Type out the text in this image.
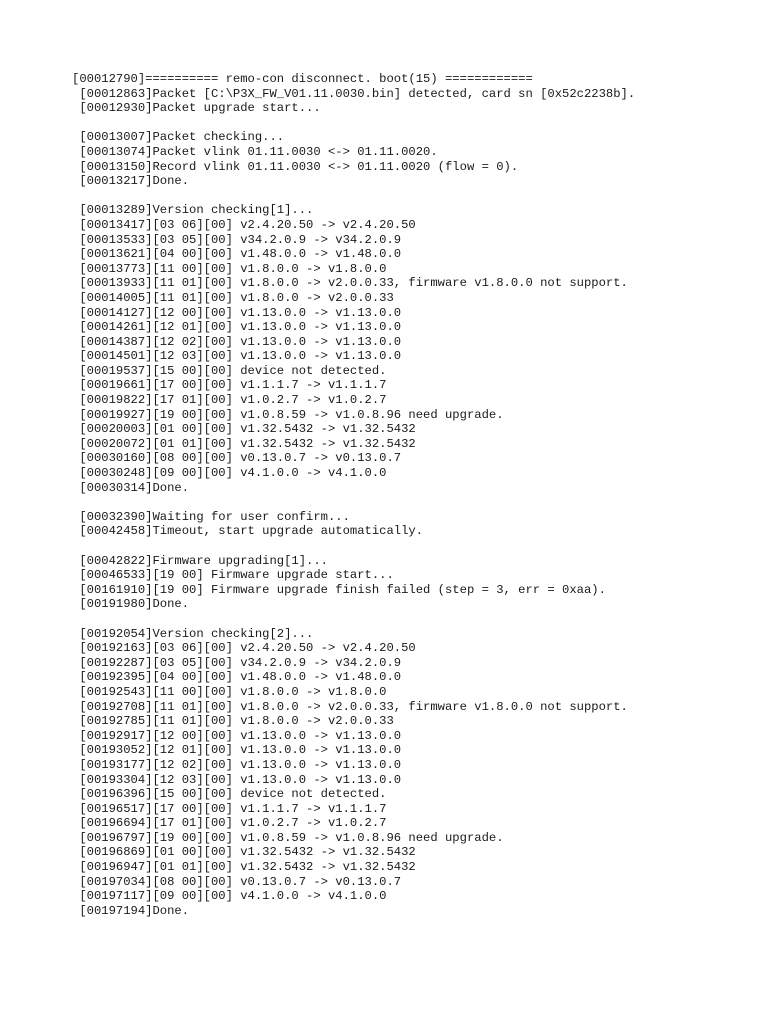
[00012790]========== remo-con disconnect. boot(15) ============
[00012863]Packet [C:\P3X_FW_V01.11.0030.bin] detected, card sn [0x52c2238b].
[00012930]Packet upgrade start...
[00013007]Packet checking...
[00013074]Packet vlink 01.11.0030 <-> 01.11.0020.
[00013150]Record vlink 01.11.0030 <-> 01.11.0020 (flow = 0).
[00013217]Done.
[00013289]Version checking[1]...
[00013417][03 06][00] v2.4.20.50 -> v2.4.20.50
[00013533][03 05][00] v34.2.0.9 -> v34.2.0.9
[00013621][04 00][00] v1.48.0.0 -> v1.48.0.0
[00013773][11 00][00] v1.8.0.0 -> v1.8.0.0
[00013933][11 01][00] v1.8.0.0 -> v2.0.0.33, firmware v1.8.0.0 not support.
[00014005][11 01][00] v1.8.0.0 -> v2.0.0.33
[00014127][12 00][00] v1.13.0.0 -> v1.13.0.0
[00014261][12 01][00] v1.13.0.0 -> v1.13.0.0
[00014387][12 02][00] v1.13.0.0 -> v1.13.0.0
[00014501][12 03][00] v1.13.0.0 -> v1.13.0.0
[00019537][15 00][00] device not detected.
[00019661][17 00][00] v1.1.1.7 -> v1.1.1.7
[00019822][17 01][00] v1.0.2.7 -> v1.0.2.7
[00019927][19 00][00] v1.0.8.59 -> v1.0.8.96 need upgrade.
[00020003][01 00][00] v1.32.5432 -> v1.32.5432
[00020072][01 01][00] v1.32.5432 -> v1.32.5432
[00030160][08 00][00] v0.13.0.7 -> v0.13.0.7
[00030248][09 00][00] v4.1.0.0 -> v4.1.0.0
[00030314]Done.
[00032390]Waiting for user confirm...
[00042458]Timeout, start upgrade automatically.
[00042822]Firmware upgrading[1]...
[00046533][19 00] Firmware upgrade start...
[00161910][19 00] Firmware upgrade finish failed (step = 3, err = 0xaa).
[00191980]Done.
[00192054]Version checking[2]...
[00192163][03 06][00] v2.4.20.50 -> v2.4.20.50
[00192287][03 05][00] v34.2.0.9 -> v34.2.0.9
[00192395][04 00][00] v1.48.0.0 -> v1.48.0.0
[00192543][11 00][00] v1.8.0.0 -> v1.8.0.0
[00192708][11 01][00] v1.8.0.0 -> v2.0.0.33, firmware v1.8.0.0 not support.
[00192785][11 01][00] v1.8.0.0 -> v2.0.0.33
[00192917][12 00][00] v1.13.0.0 -> v1.13.0.0
[00193052][12 01][00] v1.13.0.0 -> v1.13.0.0
[00193177][12 02][00] v1.13.0.0 -> v1.13.0.0
[00193304][12 03][00] v1.13.0.0 -> v1.13.0.0
[00196396][15 00][00] device not detected.
[00196517][17 00][00] v1.1.1.7 -> v1.1.1.7
[00196694][17 01][00] v1.0.2.7 -> v1.0.2.7
[00196797][19 00][00] v1.0.8.59 -> v1.0.8.96 need upgrade.
[00196869][01 00][00] v1.32.5432 -> v1.32.5432
[00196947][01 01][00] v1.32.5432 -> v1.32.5432
[00197034][08 00][00] v0.13.0.7 -> v0.13.0.7
[00197117][09 00][00] v4.1.0.0 -> v4.1.0.0
[00197194]Done.
